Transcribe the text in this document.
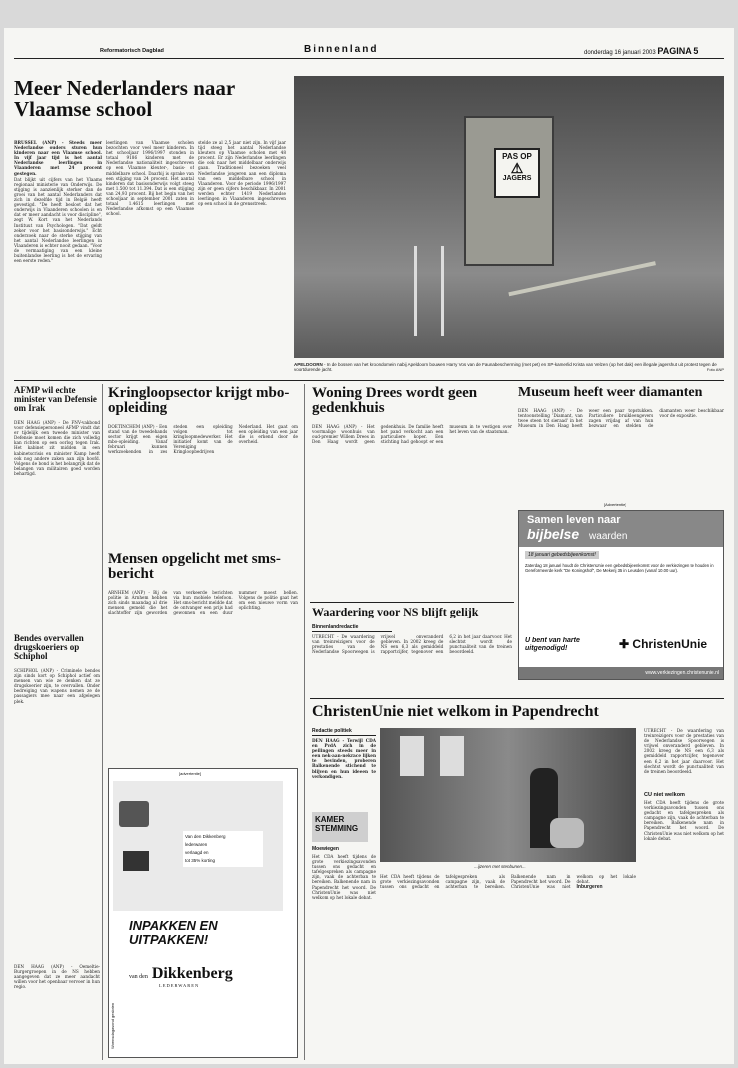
Reformatorisch Dagblad	Binnenland	donderdag 16 januari 2003 PAGINA 5
Meer Nederlanders naar Vlaamse school

BRUSSEL (ANP) - Steeds meer Nederlandse ouders sturen hun kinderen naar een Vlaamse school. In vijf jaar tijd is het aantal Nederlandse leerlingen in Vlaanderen met 24 procent gestegen.

Dat blijkt uit cijfers van het Vlaams regionaal ministerie van Onderwijs. De stijging is aanzienlijk sterker dan de groei van het aantal Nederlanders dat zich in dezelfde tijd in België heeft gevestigd. "De heeft besloot dat het onderwijs in Vlaanderen schoolen is en dat er meer aandacht is voor discipline", zegt W. Kort van het Nederlands Instituut van Psychologen. "Dat geldt zeker voor het basisonderwijs." Echt onderzoek naar de sterke stijging van het aantal Nederlandse leerlingen in Vlaanderen is echter nooit gedaan. "Voor de vermaatiging van een kleine buitenlandse leerling is het de ervaring een eerste reden."

leerlingen van Vlaamse scholen bezochten voor veel meer kinderen. In het schooljaar 1996/1997 stonden in totaal 9186 kinderen met de Nederlandse nationaliteit ingeschreven op een Vlaamse kleuter-, basis- of middelbare school. Daarbij is sprake van een stijging van 24 procent. Het aantal kinderen dat basisonderwijs volgt steeg met 1.500 tot 11.394. Dat is een stijging van 24,93 procent. Bij het begin van het schooljaar in september 2001 zaten in totaal 1.4615 leerlingen met Nederlandse afkomst op een Vlaamse school.

stelde ze al 2,5 jaar niet zijn. In vijf jaar tijd steeg het aantal Nederlandse kleuters op Vlaamse scholen met 48 procent. Er zijn Nederlandse leerlingen die ook naar het middelbaar onderwijs gaan. Traditioneel bezoeken veel Nederlandse jongeren aan een diploma van een middelbare school in Vlaanderen. Voor de periode 1996/1997 zijn er geen cijfers beschikbaar. In 2001 werden echter 1419 Nederlandse leerlingen in Vlaanderen ingeschreven op een school in de grensstreek.

PAS OP
⚠
JAGERS
APELDOORN - In de bossen van het kroondomein nabij Apeldoorn bouwen Harry Vos van de Faunabescherming (met pet) en SP-kamerlid Krista van Velzen (op het dak) een illegale jagershut uit protest tegen de voortdurende jacht.	Foto ANP
AFMP wil echte minister van Defensie om Irak
DEN HAAG (ANP) - De FNV-vakbond voor defensiepersoneel AFMP vindt dat er tijdelijk een tweede minister van Defensie moet komen die zich volledig kan richten op een oorlog tegen Irak. Het kabinet zit midden in een kabinetscrisis en minister Kamp heeft ook nog andere zaken aan zijn hoofd. Volgens de bond is het belangrijk dat de belangen van militairen goed worden behartigd.
Bendes overvallen drugskoeriers op Schiphol
SCHIPHOL (ANP) - Criminele bendes zijn sinds kort op Schiphol actief om mensen van wie ze denken dat ze drugskoerier zijn, te overvallen. Onder bedreiging van wapens nemen ze de passagiers mee naar een afgelegen plek.
DEN HAAG (ANP) - Oemeltie-Burgergroepen in de NS hebben aangegeven dat ze meer aandacht willen voor het openbaar vervoer in hun regio.
Kringloopsector krijgt mbo-opleiding
DOETINCHEM (ANP) - Een stand van de tweedehands sector krijgt een eigen mbo-opleiding. Vanaf februari kunnen werkzoekenden in zes steden een opleiding volgen tot kringloopmedewerker. Het initiatief komt van de Vereniging Kringloopbedrijven Nederland. Het gaat om een opleiding van een jaar die is erkend door de overheid.
Mensen opgelicht met sms-bericht
ARNHEM (ANP) - Bij de politie in Arnhem hebben zich sinds maandag al drie mensen gemeld die het slachtoffer zijn geworden van verkeerde berichten via hun mobiele telefoon. Het sms-bericht meldde dat de ontvanger een prijs had gewonnen en een duur nummer moest bellen. Volgens de politie gaat het om een nieuwe vorm van oplichting.
[advertentie]
Van den Dikkenberg
lederwaren
verlaagd en
tot 35% korting
INPAKKEN EN
UITPAKKEN!
van den Dikkenberg
LEDERWAREN
Woensdagavond gesloten
Woning Drees wordt geen gedenkhuis
DEN HAAG (ANP) - Het voormalige woonhuis van oud-premier Willem Drees in Den Haag wordt geen gedenkhuis. De familie heeft het pand verkocht aan een particuliere koper. Een stichting had gehoopt er een museum in te vestigen over het leven van de staatsman.
Museum heeft weer diamanten
DEN HAAG (ANP) - De tentoonstelling 'Diamant, van twee steen tot sieraad' in het Museum in Den Haag heeft weer een paar topstukken. Particuliere bruikleengevers zagen vrijdag af van hun bezwaar en stelden de diamanten weer beschikbaar voor de expositie.
[Advertentie]
Samen leven naar
bijbelse waarden
18 januari gebedsbijeenkomst!
Zaterdag 18 januari houdt de ChristenUnie een gebedsbijeenkomst voor de verkiezingen te houden in Gereformeerde kerk "De Koningshof", De Mekerij 35 in Leusden (vanaf 10.00 uur).
U bent van harte
uitgenodigd!	✚ ChristenUnie
www.verkiezingen.christenunie.nl
Waardering voor NS blijft gelijk
Binnenlandredactie
UTRECHT - De waardering van treinreizigers voor de prestaties van de Nederlandse Spoorwegen is vrijwel onveranderd gebleven. In 2002 kreeg de NS een 6,3 als gemiddeld rapportcijfer, tegenover een 6,2 in het jaar daarvoor. Het slechtst wordt de punctualiteit van de treinen beoordeeld.
ChristenUnie niet welkom in Papendrecht
Redactie politiek
DEN HAAG - Terwijl CDA en PvdA zich in de peilingen steeds meer in een nek-aan-nekrace lijken te bevinden, proberen Balkenende stichend te blijven en hun ideeen te verkondigen.
KAMER
STEMMING
Moewiegen
Het CDA heeft tijdens de grote verkiezingsavonden tussen ons gedacht en tafelgespreken als campagne zijn, vaak de achterban te bereiken. Balkenende nam in Papendrecht het woord. De ChristenUnie was niet welkom op het lokale debat.
...ijzeren met stenbunen...

Het CDA heeft tijdens de grote verkiezingsavonden tussen ons gedacht en tafelgespreken als campagne zijn, vaak de achterban te bereiken. Balkenende nam in Papendrecht het woord. De ChristenUnie was niet welkom op het lokale debat.

Inburgeren

CU niet welkom
UTRECHT - De waardering van treinreizigers voor de prestaties van de Nederlandse Spoorwegen is vrijwel onveranderd gebleven. In 2002 kreeg de NS een 6,3 als gemiddeld rapportcijfer, tegenover een 6,2 in het jaar daarvoor. Het slechtst wordt de punctualiteit van de treinen beoordeeld.
Het CDA heeft tijdens de grote verkiezingsavonden tussen ons gedacht en tafelgespreken als campagne zijn, vaak de achterban te bereiken. Balkenende nam in Papendrecht het woord. De ChristenUnie was niet welkom op het lokale debat.
